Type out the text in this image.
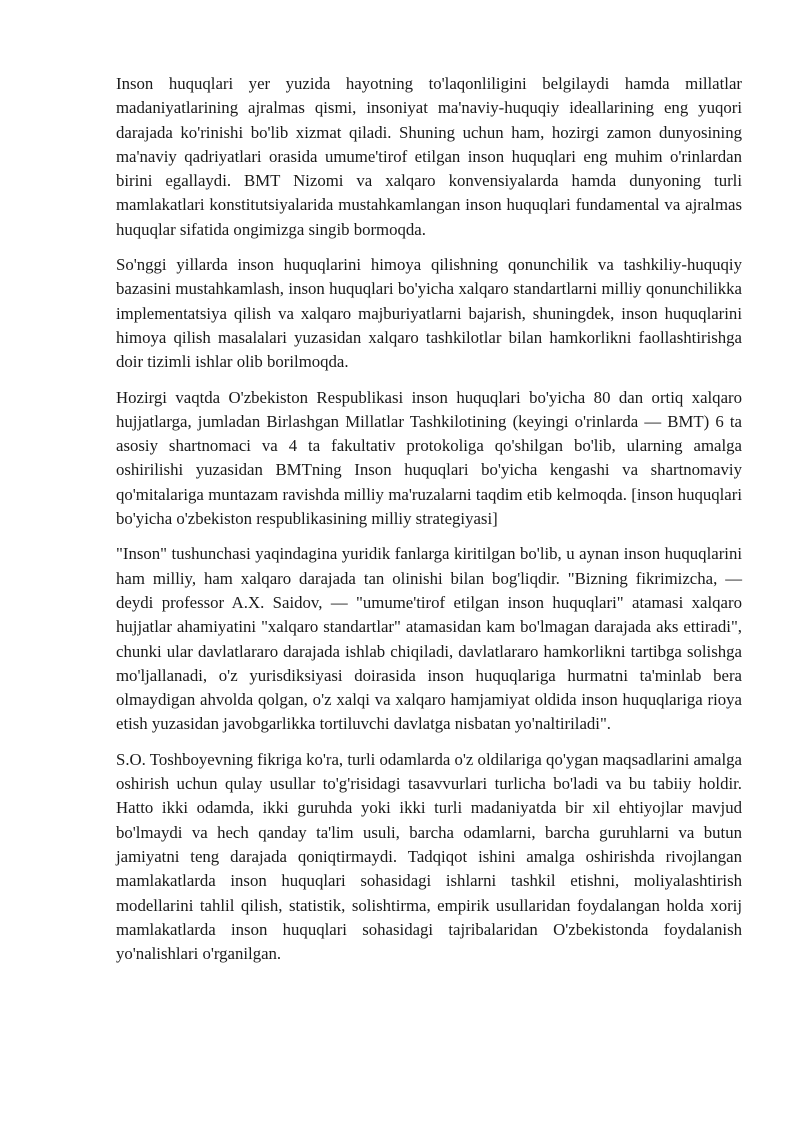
Inson huquqlari yer yuzida hayotning to'laqonliligini belgilaydi hamda millatlar madaniyatlarining ajralmas qismi, insoniyat ma'naviy-huquqiy ideallarining eng yuqori darajada ko'rinishi bo'lib xizmat qiladi. Shuning uchun ham, hozirgi zamon dunyosining ma'naviy qadriyatlari orasida umume'tirof etilgan inson huquqlari eng muhim o'rinlardan birini egallaydi. BMT Nizomi va xalqaro konvensiyalarda hamda dunyoning turli mamlakatlari konstitutsiyalarida mustahkamlangan inson huquqlari fundamental va ajralmas huquqlar sifatida ongimizga singib bormoqda.

So'nggi yillarda inson huquqlarini himoya qilishning qonunchilik va tashkiliy-huquqiy bazasini mustahkamlash, inson huquqlari bo'yicha xalqaro standartlarni milliy qonunchilikka implementatsiya qilish va xalqaro majburiyatlarni bajarish, shuningdek, inson huquqlarini himoya qilish masalalari yuzasidan xalqaro tashkilotlar bilan hamkorlikni faollashtirishga doir tizimli ishlar olib borilmoqda.

Hozirgi vaqtda O'zbekiston Respublikasi inson huquqlari bo'yicha 80 dan ortiq xalqaro hujjatlarga, jumladan Birlashgan Millatlar Tashkilotining (keyingi o'rinlarda — BMT) 6 ta asosiy shartnomaci va 4 ta fakultativ protokoliga qo'shilgan bo'lib, ularning amalga oshirilishi yuzasidan BMTning Inson huquqlari bo'yicha kengashi va shartnomaviy qo'mitalariga muntazam ravishda milliy ma'ruzalarni taqdim etib kelmoqda. [inson huquqlari bo'yicha o'zbekiston respublikasining milliy strategiyasi]

"Inson" tushunchasi yaqindagina yuridik fanlarga kiritilgan bo'lib, u aynan inson huquqlarini ham milliy, ham xalqaro darajada tan olinishi bilan bog'liqdir. "Bizning fikrimizcha, — deydi professor A.X. Saidov, — "umume'tirof etilgan inson huquqlari" atamasi xalqaro hujjatlar ahamiyatini "xalqaro standartlar" atamasidan kam bo'lmagan darajada aks ettiradi", chunki ular davlatlararo darajada ishlab chiqiladi, davlatlararo hamkorlikni tartibga solishga mo'ljallanadi, o'z yurisdiksiyasi doirasida inson huquqlariga hurmatni ta'minlab bera olmaydigan ahvolda qolgan, o'z xalqi va xalqaro hamjamiyat oldida inson huquqlariga rioya etish yuzasidan javobgarlikka tortiluvchi davlatga nisbatan yo'naltiriladi".

S.O. Toshboyevning fikriga ko'ra, turli odamlarda o'z oldilariga qo'ygan maqsadlarini amalga oshirish uchun qulay usullar to'g'risidagi tasavvurlari turlicha bo'ladi va bu tabiiy holdir. Hatto ikki odamda, ikki guruhda yoki ikki turli madaniyatda bir xil ehtiyojlar mavjud bo'lmaydi va hech qanday ta'lim usuli, barcha odamlarni, barcha guruhlarni va butun jamiyatni teng darajada qoniqtirmaydi. Tadqiqot ishini amalga oshirishda rivojlangan mamlakatlarda inson huquqlari sohasidagi ishlarni tashkil etishni, moliyalashtirish modellarini tahlil qilish, statistik, solishtirma, empirik usullaridan foydalangan holda xorij mamlakatlarda inson huquqlari sohasidagi tajribalaridan O'zbekistonda foydalanish yo'nalishlari o'rganilgan.
